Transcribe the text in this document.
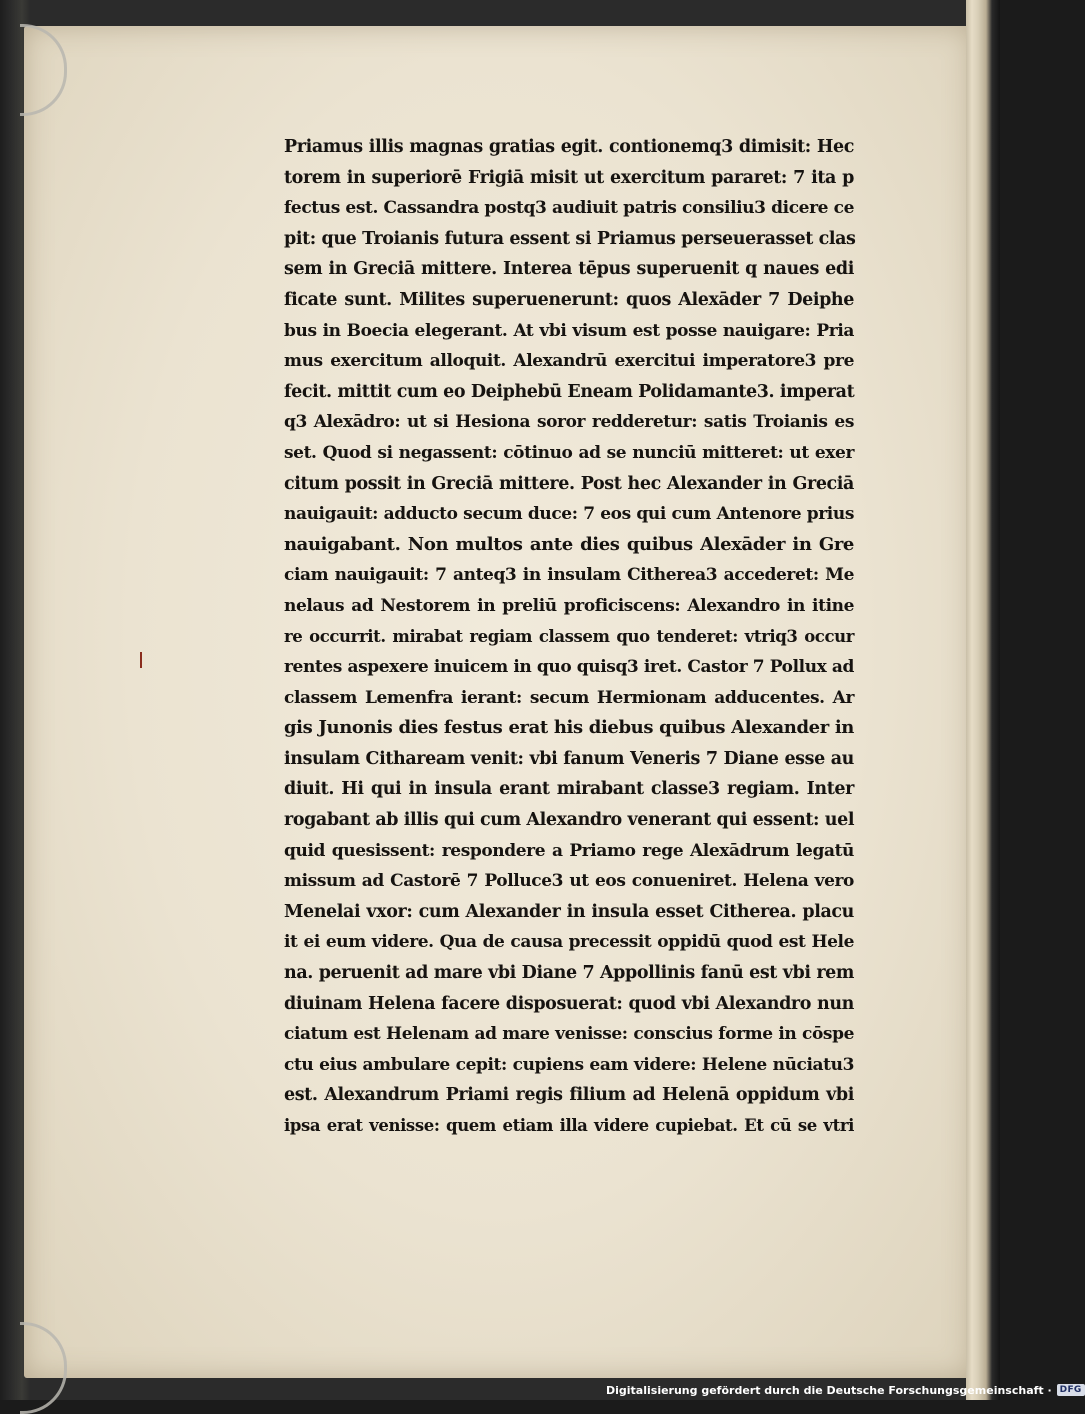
Priamus illis magnas gratias egit. contionemq3 dimisit: Hec
torem in superiorē Frigiā misit ut exercitum pararet: 7 ita p
fectus est. Cassandra postq3 audiuit patris consiliu3 dicere ce
pit: que Troianis futura essent si Priamus perseuerasset clas
sem in Greciā mittere. Interea tēpus superuenit q naues edi
ficate sunt. Milites superuenerunt: quos Alexāder 7 Deiphe
bus in Boecia elegerant. At vbi visum est posse nauigare: Pria
mus exercitum alloquit. Alexandrū exercitui imperatore3 pre
fecit. mittit cum eo Deiphebū Eneam Polidamante3. imperat
q3 Alexādro: ut si Hesiona soror redderetur: satis Troianis es
set. Quod si negassent: cōtinuo ad se nunciū mitteret: ut exer
citum possit in Greciā mittere. Post hec Alexander in Greciā
nauigauit: adducto secum duce: 7 eos qui cum Antenore prius
nauigabant. Non multos ante dies quibus Alexāder in Gre
ciam nauigauit: 7 anteq3 in insulam Citherea3 accederet: Me
nelaus ad Nestorem in preliū proficiscens: Alexandro in itine
re occurrit. mirabat regiam classem quo tenderet: vtriq3 occur
rentes aspexere inuicem in quo quisq3 iret. Castor 7 Pollux ad
classem Lemenfra ierant: secum Hermionam adducentes. Ar
gis Junonis dies festus erat his diebus quibus Alexander in
insulam Cithaream venit: vbi fanum Veneris 7 Diane esse au
diuit. Hi qui in insula erant mirabant classe3 regiam. Inter
rogabant ab illis qui cum Alexandro venerant qui essent: uel
quid quesissent: respondere a Priamo rege Alexādrum legatū
missum ad Castorē 7 Polluce3 ut eos conueniret. Helena vero
Menelai vxor: cum Alexander in insula esset Citherea. placu
it ei eum videre. Qua de causa precessit oppidū quod est Hele
na. peruenit ad mare vbi Diane 7 Appollinis fanū est vbi rem
diuinam Helena facere disposuerat: quod vbi Alexandro nun
ciatum est Helenam ad mare venisse: conscius forme in cōspe
ctu eius ambulare cepit: cupiens eam videre: Helene nūciatu3
est. Alexandrum Priami regis filium ad Helenā oppidum vbi
ipsa erat venisse: quem etiam illa videre cupiebat. Et cū se vtri
Digitalisierung gefördert durch die Deutsche Forschungsgemeinschaft · DFG
